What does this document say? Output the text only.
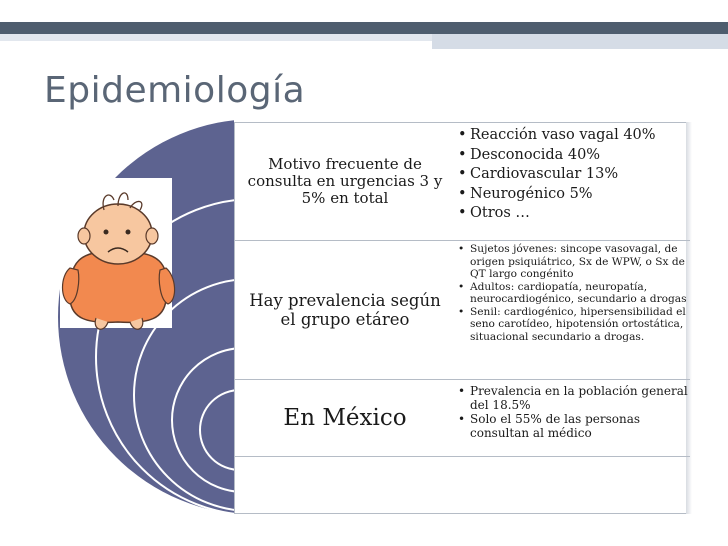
Epidemiología
Motivo frecuente de consulta en urgencias 3 y 5% en total
• Reacción vaso vagal 40%
• Desconocida 40%
• Cardiovascular 13%
• Neurogénico 5%
• Otros …
Hay prevalencia según el grupo etáreo
• Sujetos jóvenes: sincope vasovagal, de origen psiquiátrico, Sx de WPW, o Sx de QT largo congénito
• Adultos: cardiopatía, neuropatía, neurocardiogénico, secundario a drogas
• Senil: cardiogénico, hipersensibilidad el seno carotídeo, hipotensión ortostática, situacional secundario a drogas.
En México
• Prevalencia en la población general del 18.5%
• Solo el 55% de las personas consultan al médico
